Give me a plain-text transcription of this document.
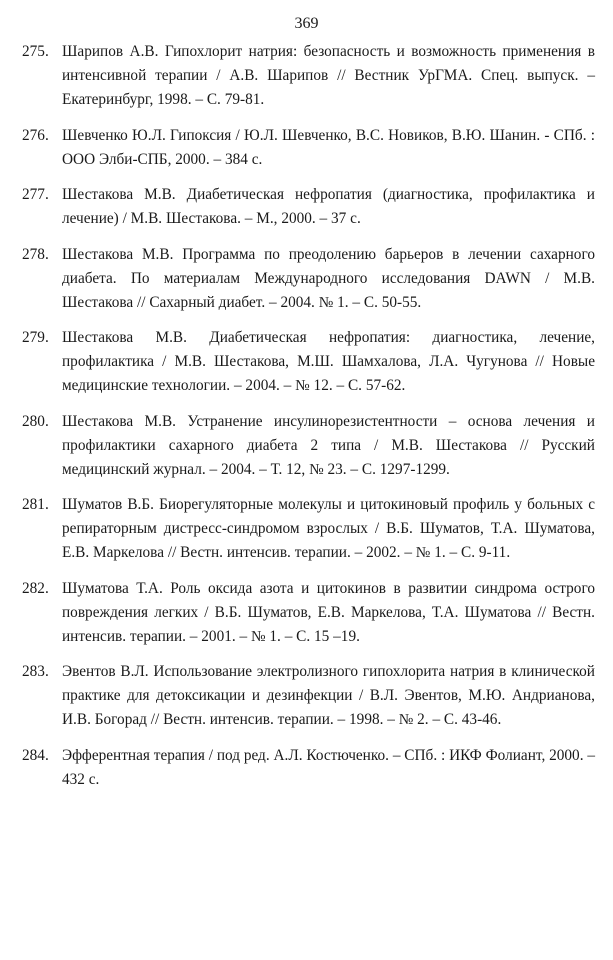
369
275. Шарипов А.В. Гипохлорит натрия: безопасность и возможность применения в интенсивной терапии / А.В. Шарипов // Вестник УрГМА. Спец. выпуск. – Екатеринбург, 1998. – С. 79-81.
276. Шевченко Ю.Л. Гипоксия / Ю.Л. Шевченко, В.С. Новиков, В.Ю. Шанин. - СПб. : ООО Элби-СПБ, 2000. – 384 с.
277. Шестакова М.В. Диабетическая нефропатия (диагностика, профилактика и лечение) / М.В. Шестакова. – М., 2000. – 37 с.
278. Шестакова М.В. Программа по преодолению барьеров в лечении сахарного диабета. По материалам Международного исследования DAWN / М.В. Шестакова // Сахарный диабет. – 2004. № 1. – С. 50-55.
279. Шестакова М.В. Диабетическая нефропатия: диагностика, лечение, профилактика / М.В. Шестакова, М.Ш. Шамхалова, Л.А. Чугунова // Новые медицинские технологии. – 2004. – № 12. – С. 57-62.
280. Шестакова М.В. Устранение инсулинорезистентности – основа лечения и профилактики сахарного диабета 2 типа / М.В. Шестакова // Русский медицинский журнал. – 2004. – Т. 12, № 23. – С. 1297-1299.
281. Шуматов В.Б. Биорегуляторные молекулы и цитокиновый профиль у больных с репираторным дистресс-синдромом взрослых / В.Б. Шуматов, Т.А. Шуматова, Е.В. Маркелова // Вестн. интенсив. терапии. – 2002. – № 1. – С. 9-11.
282. Шуматова Т.А. Роль оксида азота и цитокинов в развитии синдрома острого повреждения легких / В.Б. Шуматов, Е.В. Маркелова, Т.А. Шуматова // Вестн. интенсив. терапии. – 2001. – № 1. – С. 15 –19.
283. Эвентов В.Л. Использование электролизного гипохлорита натрия в клинической практике для детоксикации и дезинфекции / В.Л. Эвентов, М.Ю. Андрианова, И.В. Богорад // Вестн. интенсив. терапии. – 1998. – № 2. – С. 43-46.
284. Эфферентная терапия / под ред. А.Л. Костюченко. – СПб. : ИКФ Фолиант, 2000. – 432 с.
